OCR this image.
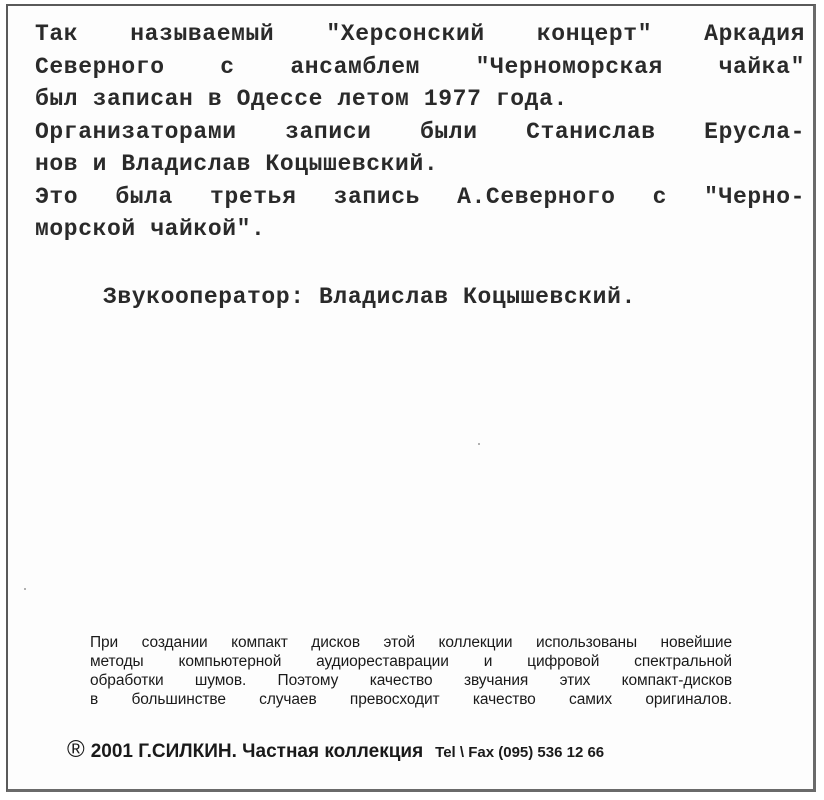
Так называемый "Херсонский концерт" Аркадия
Северного с ансамблем "Черноморская чайка"
был записан в Одессе летом 1977 года.
Организаторами записи были Станислав Еруcла-
нов и Владислав Коцышевский.
Это была третья запись А.Северного с "Черно-
морской чайкой".
Звукооператор: Владислав Коцышевский.
При создании компакт дисков этой коллекции использованы новейшие
методы компьютерной аудиореставрации и цифровой спектральной
обработки шумов. Поэтому качество звучания этих компакт-дисков
в большинстве случаев превосходит качество самих оригиналов.
® 2001 Г.СИЛКИН. Частная коллекция Tel \ Fax (095) 536 12 66
